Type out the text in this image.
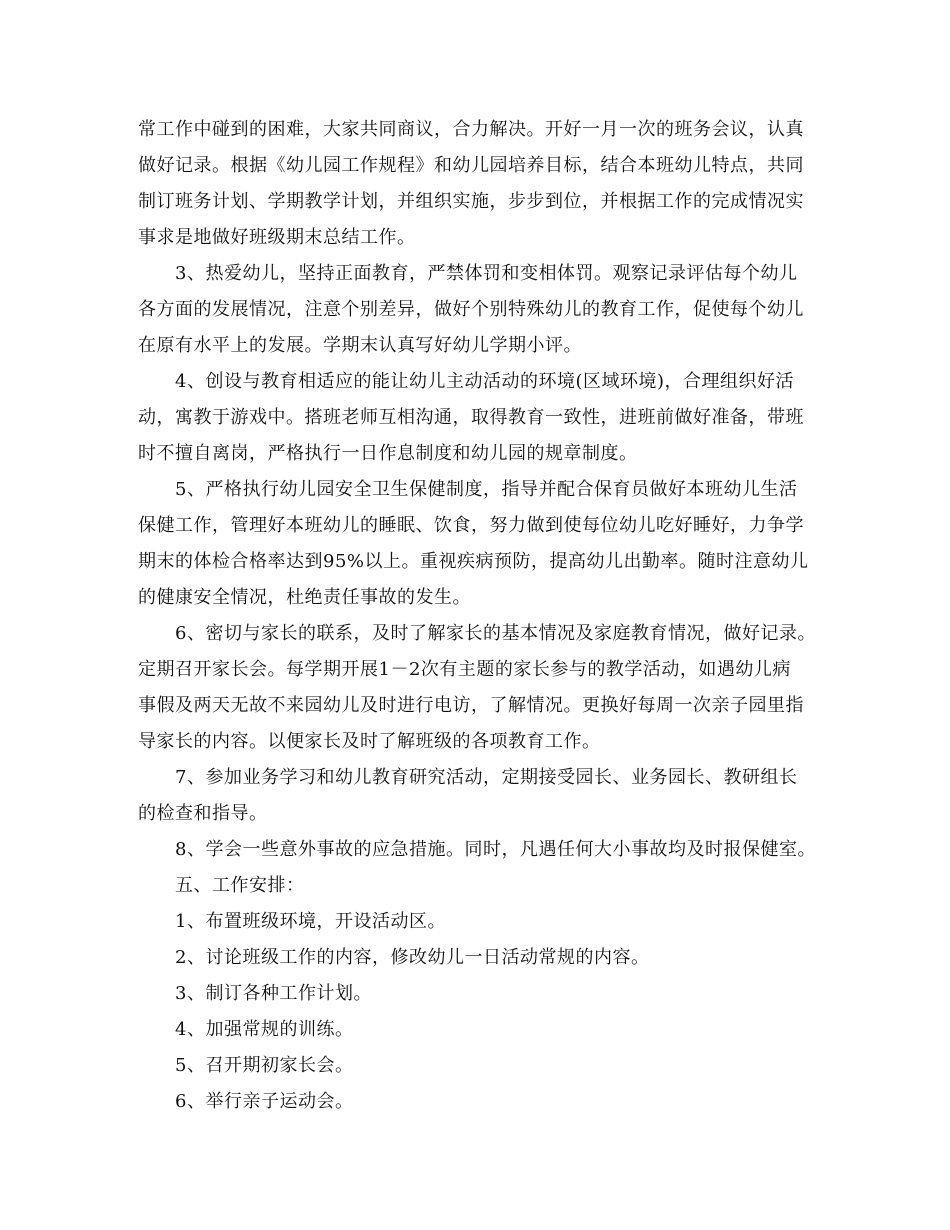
常工作中碰到的困难，大家共同商议，合力解决。开好一月一次的班务会议，认真
做好记录。根据《幼儿园工作规程》和幼儿园培养目标，结合本班幼儿特点，共同
制订班务计划、学期教学计划，并组织实施，步步到位，并根据工作的完成情况实
事求是地做好班级期末总结工作。
3、热爱幼儿，坚持正面教育，严禁体罚和变相体罚。观察记录评估每个幼儿
各方面的发展情况，注意个别差异，做好个别特殊幼儿的教育工作，促使每个幼儿
在原有水平上的发展。学期末认真写好幼儿学期小评。
4、创设与教育相适应的能让幼儿主动活动的环境(区域环境)，合理组织好活
动，寓教于游戏中。搭班老师互相沟通，取得教育一致性，进班前做好准备，带班
时不擅自离岗，严格执行一日作息制度和幼儿园的规章制度。
5、严格执行幼儿园安全卫生保健制度，指导并配合保育员做好本班幼儿生活
保健工作，管理好本班幼儿的睡眠、饮食，努力做到使每位幼儿吃好睡好，力争学
期末的体检合格率达到95%以上。重视疾病预防，提高幼儿出勤率。随时注意幼儿
的健康安全情况，杜绝责任事故的发生。
6、密切与家长的联系，及时了解家长的基本情况及家庭教育情况，做好记录。
定期召开家长会。每学期开展1－2次有主题的家长参与的教学活动，如遇幼儿病
事假及两天无故不来园幼儿及时进行电访，了解情况。更换好每周一次亲子园里指
导家长的内容。以便家长及时了解班级的各项教育工作。
7、参加业务学习和幼儿教育研究活动，定期接受园长、业务园长、教研组长
的检查和指导。
8、学会一些意外事故的应急措施。同时，凡遇任何大小事故均及时报保健室。
五、工作安排：
1、布置班级环境，开设活动区。
2、讨论班级工作的内容，修改幼儿一日活动常规的内容。
3、制订各种工作计划。
4、加强常规的训练。
5、召开期初家长会。
6、举行亲子运动会。
